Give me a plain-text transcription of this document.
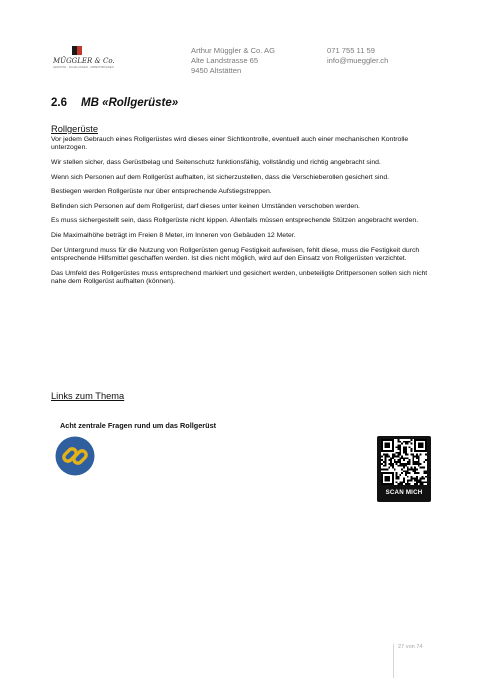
MÜGGLER & Co.
GERÜSTE · SCHALUNGEN · ARBEITSBÜHNEN
Arthur Müggler & Co. AG
Alte Landstrasse 65
9450 Altstätten
071 755 11 59
info@mueggler.ch
2.6 MB «Rollgerüste»
Rollgerüste

Vor jedem Gebrauch eines Rollgerüstes wird dieses einer Sichtkontrolle, eventuell auch einer mechanischen Kontrolle unterzogen.

Wir stellen sicher, dass Gerüstbelag und Seitenschutz funktionsfähig, vollständig und richtig angebracht sind.

Wenn sich Personen auf dem Rollgerüst aufhalten, ist sicherzustellen, dass die Verschieberollen gesichert sind.

Bestiegen werden Rollgerüste nur über entsprechende Aufstiegstreppen.

Befinden sich Personen auf dem Rollgerüst, darf dieses unter keinen Umständen verschoben werden.

Es muss sichergestellt sein, dass Rollgerüste nicht kippen. Allenfalls müssen entsprechende Stützen angebracht werden.

Die Maximalhöhe beträgt im Freien 8 Meter, im Inneren von Gebäuden 12 Meter.

Der Untergrund muss für die Nutzung von Rollgerüsten genug Festigkeit aufweisen, fehlt diese, muss die Festigkeit durch entsprechende Hilfsmittel geschaffen werden. Ist dies nicht möglich, wird auf den Einsatz von Rollgerüsten verzichtet.

Das Umfeld des Rollgerüstes muss entsprechend markiert und gesichert werden, unbeteiligte Drittpersonen sollen sich nicht nahe dem Rollgerüst aufhalten (können).

Links zum Thema
Acht zentrale Fragen rund um das Rollgerüst
SCAN MICH
27 von 74
